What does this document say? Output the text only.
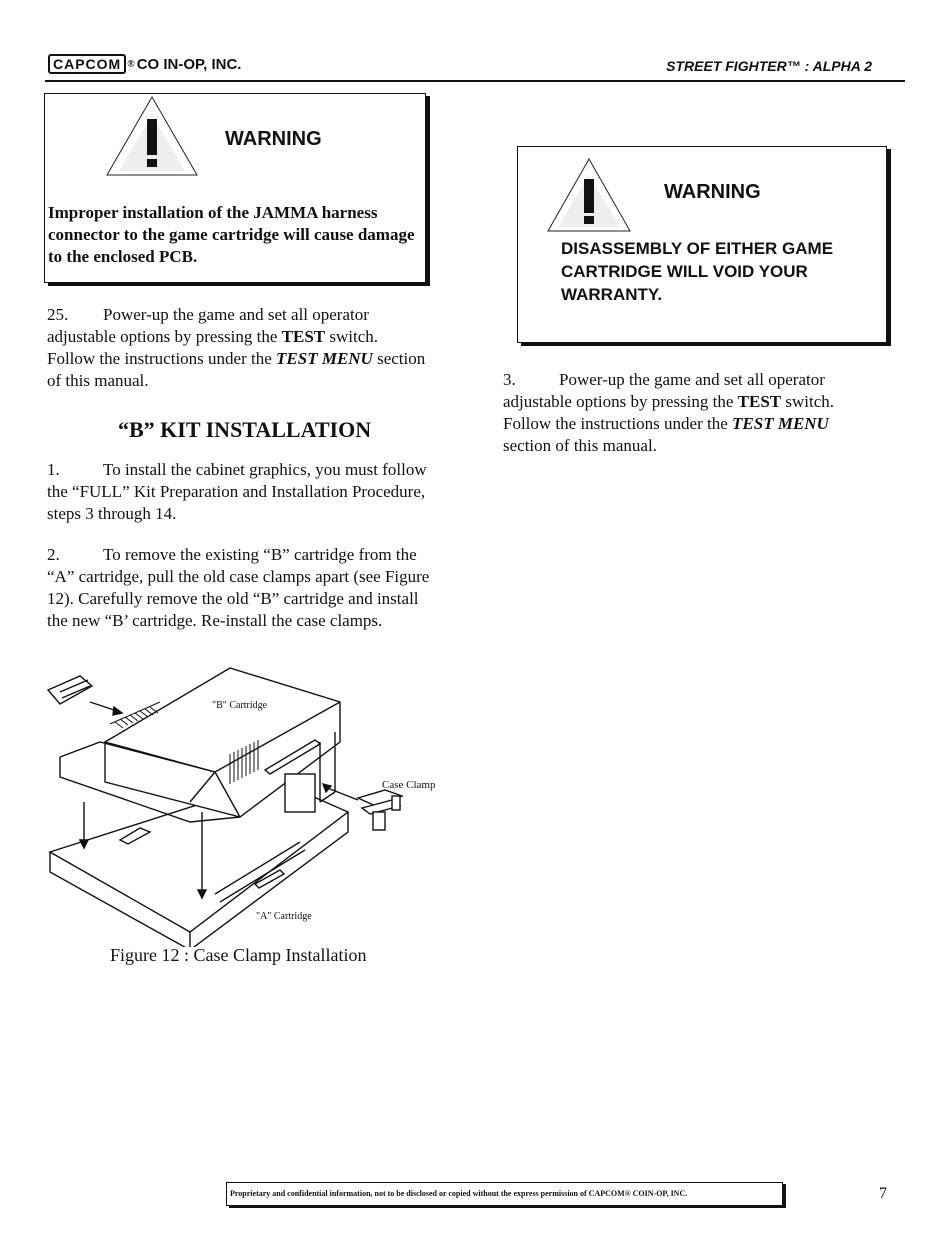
CAPCOM ® CO IN-OP, INC.	STREET FIGHTER™ : ALPHA 2
WARNING
Improper installation of the JAMMA harness connector to the game cartridge will cause damage to the enclosed PCB.
WARNING
DISASSEMBLY OF EITHER GAME CARTRIDGE WILL VOID YOUR WARRANTY.
25. Power-up the game and set all operator adjustable options by pressing the TEST switch. Follow the instructions under the TEST MENU section of this manual.
“B” KIT INSTALLATION
1.	To install the cabinet graphics, you must follow the “FULL” Kit Preparation and Installation Procedure, steps 3 through 14.
2.	To remove the existing “B” cartridge from the “A” cartridge, pull the old case clamps apart (see Figure 12). Carefully remove the old “B” cartridge and install the new “B’ cartridge. Re-install the case clamps.
3.	Power-up the game and set all operator adjustable options by pressing the TEST switch. Follow the instructions under the TEST MENU section of this manual.
"B" Cartridge
Case Clamp
"A" Cartridge
Figure 12 : Case Clamp Installation
Proprietary and confidential information, not to be disclosed or copied without the express permission of CAPCOM® COIN-OP, INC.	7
